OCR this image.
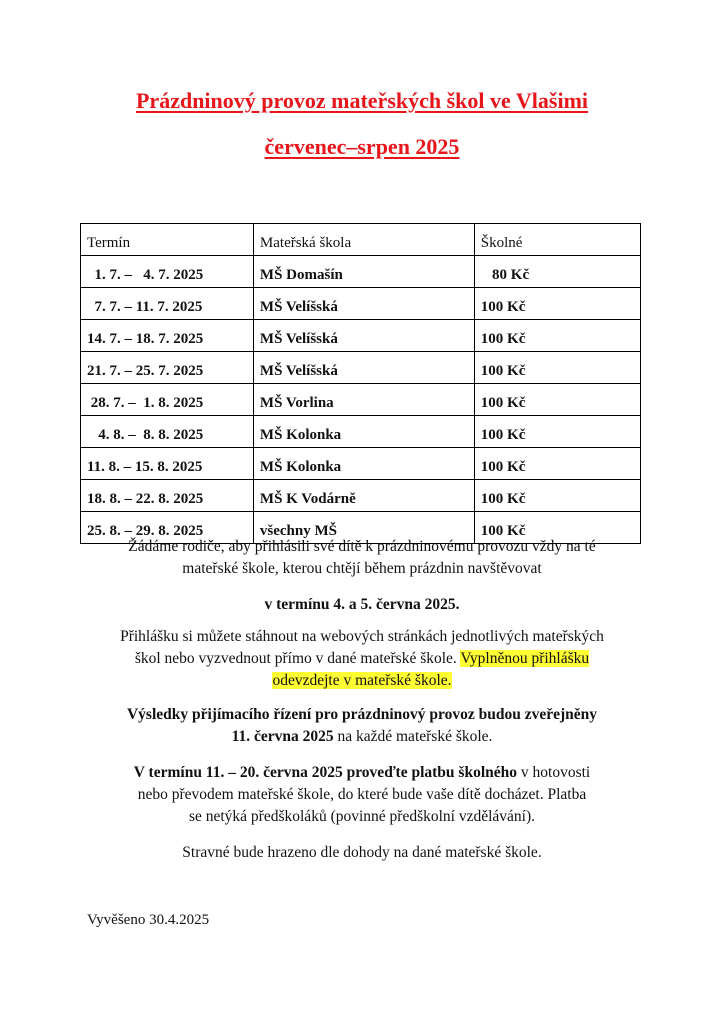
Prázdninový provoz mateřských škol ve Vlašimi
červenec–srpen 2025
Termín	Mateřská škola	Školné
1. 7. –   4. 7. 2025	MŠ Domašín	80 Kč
7. 7. – 11. 7. 2025	MŠ Velíšská	100 Kč
14. 7. – 18. 7. 2025	MŠ Velíšská	100 Kč
21. 7. – 25. 7. 2025	MŠ Velíšská	100 Kč
28. 7. –  1. 8. 2025	MŠ Vorlina	100 Kč
4. 8. –  8. 8. 2025	MŠ Kolonka	100 Kč
11. 8. – 15. 8. 2025	MŠ Kolonka	100 Kč
18. 8. – 22. 8. 2025	MŠ K Vodárně	100 Kč
25. 8. – 29. 8. 2025	všechny MŠ	100 Kč
Žádáme rodiče, aby přihlásili své dítě k prázdninovému provozu vždy na té
mateřské škole, kterou chtějí během prázdnin navštěvovat
v termínu 4. a 5. června 2025.
Přihlášku si můžete stáhnout na webových stránkách jednotlivých mateřských
škol nebo vyzvednout přímo v dané mateřské škole. Vyplněnou přihlášku
odevzdejte v mateřské škole.
Výsledky přijímacího řízení pro prázdninový provoz budou zveřejněny
11. června 2025 na každé mateřské škole.
V termínu 11. – 20. června 2025 proveďte platbu školného v hotovosti
nebo převodem mateřské škole, do které bude vaše dítě docházet. Platba
se netýká předškoláků (povinné předškolní vzdělávání).
Stravné bude hrazeno dle dohody na dané mateřské škole.
Vyvěšeno 30.4.2025
